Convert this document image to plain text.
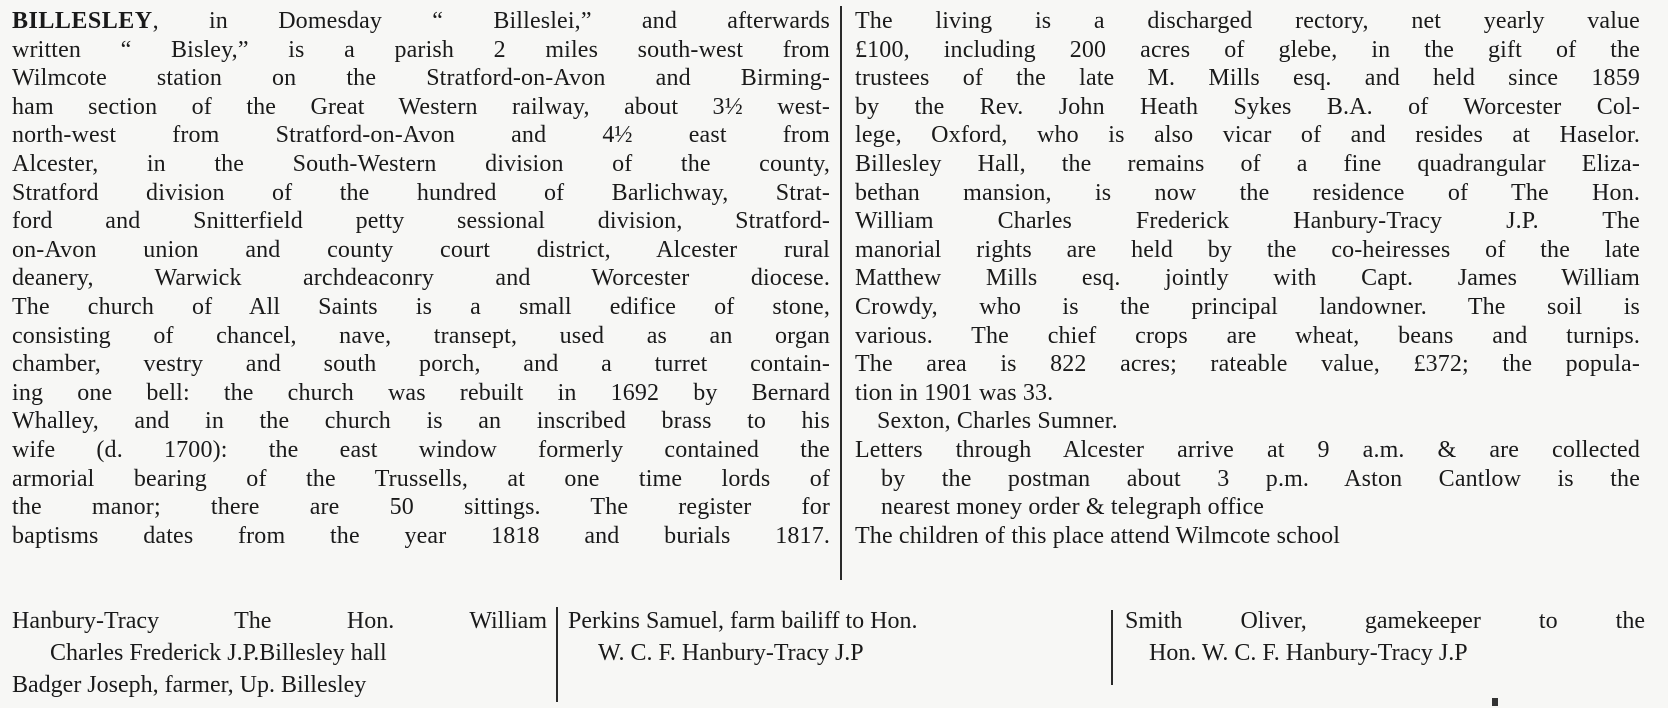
BILLESLEY, in Domesday “ Billeslei,” and afterwards
written “ Bisley,” is a parish 2 miles south-west from
Wilmcote station on the Stratford-on-Avon and Birming-
ham section of the Great Western railway, about 3½ west-
north-west from Stratford-on-Avon and 4½ east from
Alcester, in the South-Western division of the county,
Stratford division of the hundred of Barlichway, Strat-
ford and Snitterfield petty sessional division, Stratford-
on-Avon union and county court district, Alcester rural
deanery, Warwick archdeaconry and Worcester diocese.
The church of All Saints is a small edifice of stone,
consisting of chancel, nave, transept, used as an organ
chamber, vestry and south porch, and a turret contain-
ing one bell: the church was rebuilt in 1692 by Bernard
Whalley, and in the church is an inscribed brass to his
wife (d. 1700): the east window formerly contained the
armorial bearing of the Trussells, at one time lords of
the manor; there are 50 sittings. The register for
baptisms dates from the year 1818 and burials 1817.
The living is a discharged rectory, net yearly value
£100, including 200 acres of glebe, in the gift of the
trustees of the late M. Mills esq. and held since 1859
by the Rev. John Heath Sykes B.A. of Worcester Col-
lege, Oxford, who is also vicar of and resides at Haselor.
Billesley Hall, the remains of a fine quadrangular Eliza-
bethan mansion, is now the residence of The Hon.
William Charles Frederick Hanbury-Tracy J.P. The
manorial rights are held by the co-heiresses of the late
Matthew Mills esq. jointly with Capt. James William
Crowdy, who is the principal landowner. The soil is
various. The chief crops are wheat, beans and turnips.
The area is 822 acres; rateable value, £372; the popula-
tion in 1901 was 33.
Sexton, Charles Sumner.
Letters through Alcester arrive at 9 a.m. & are collected
by the postman about 3 p.m. Aston Cantlow is the
nearest money order & telegraph office
The children of this place attend Wilmcote school
Hanbury-Tracy The Hon. William
Charles Frederick J.P.Billesley hall
Badger Joseph, farmer, Up. Billesley
Perkins Samuel, farm bailiff to Hon.
W. C. F. Hanbury-Tracy J.P
Smith Oliver, gamekeeper to the
Hon. W. C. F. Hanbury-Tracy J.P
